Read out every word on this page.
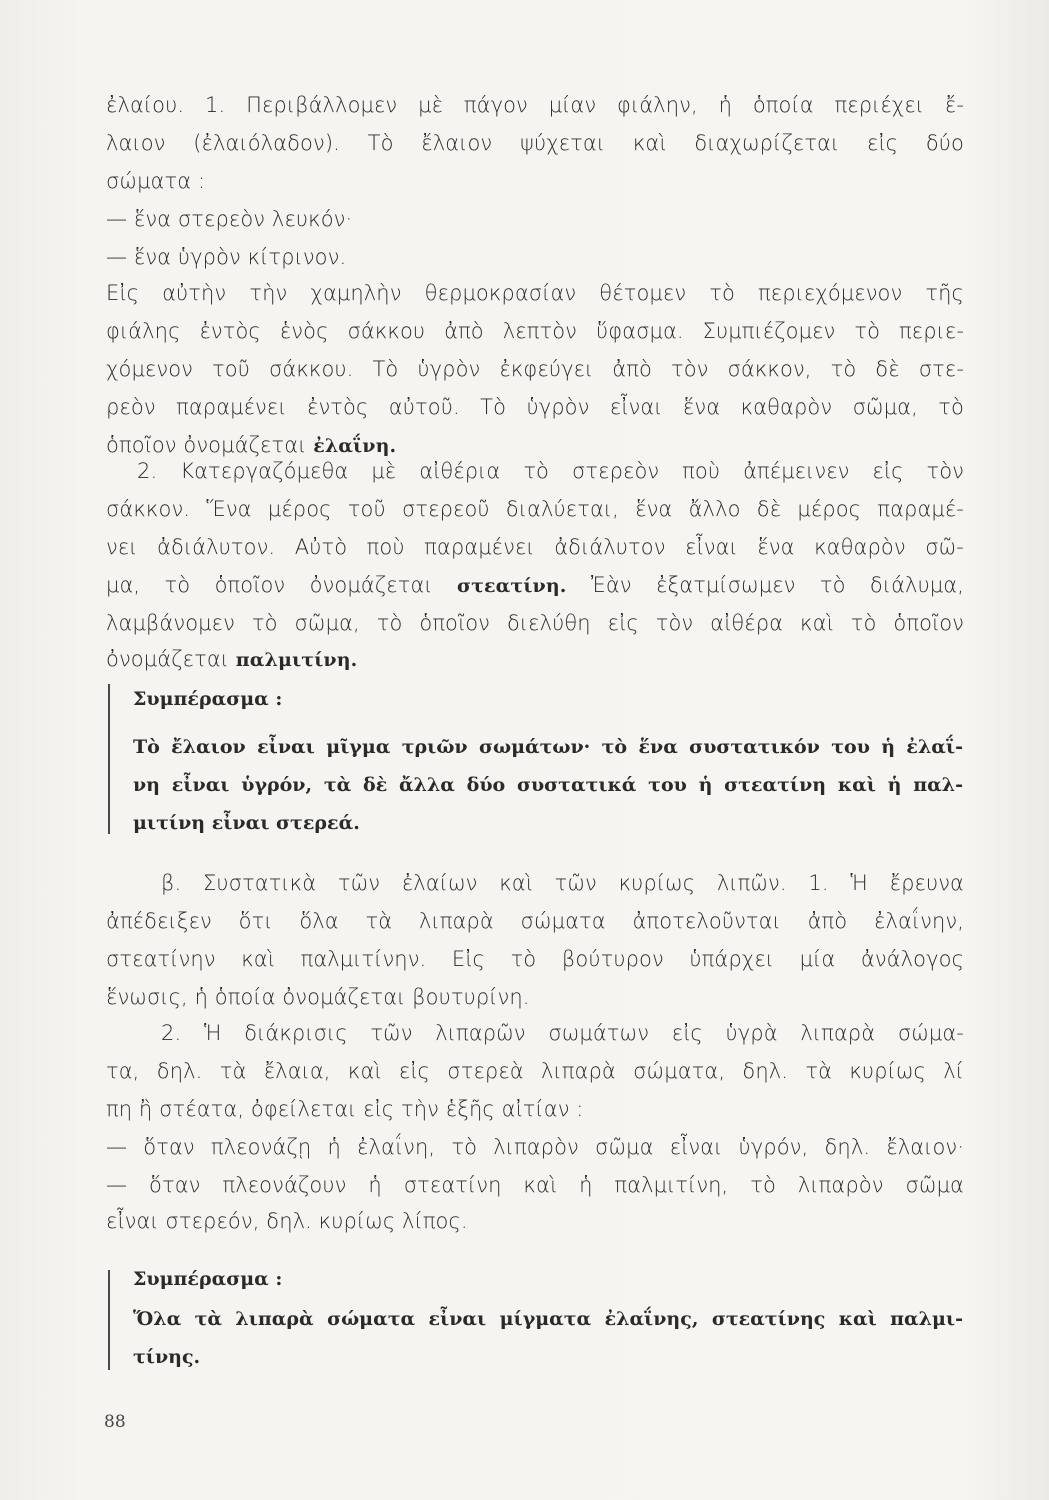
ἐλαίου. 1. Περιβάλλομεν μὲ πάγον μίαν φιάλην, ἡ ὁποία περιέχει ἔ-
λαιον (ἐλαιόλαδον). Τὸ ἔλαιον ψύχεται καὶ διαχωρίζεται εἰς δύο
σώματα :
— ἕνα στερεὸν λευκόν·
— ἕνα ὑγρὸν κίτρινον.
Εἰς αὐτὴν τὴν χαμηλὴν θερμοκρασίαν θέτομεν τὸ περιεχόμενον τῆς
φιάλης ἐντὸς ἑνὸς σάκκου ἀπὸ λεπτὸν ὕφασμα. Συμπιέζομεν τὸ περιε-
χόμενον τοῦ σάκκου. Τὸ ὑγρὸν ἐκφεύγει ἀπὸ τὸν σάκκον, τὸ δὲ στε-
ρεὸν παραμένει ἐντὸς αὐτοῦ. Τὸ ὑγρὸν εἶναι ἕνα καθαρὸν σῶμα, τὸ
ὁποῖον ὀνομάζεται ἐλαΐνη.
2. Κατεργαζόμεθα μὲ αἰθέρια τὸ στερεὸν ποὺ ἀπέμεινεν εἰς τὸν
σάκκον. Ἕνα μέρος τοῦ στερεοῦ διαλύεται, ἕνα ἄλλο δὲ μέρος παραμέ-
νει ἀδιάλυτον. Αὐτὸ ποὺ παραμένει ἀδιάλυτον εἶναι ἕνα καθαρὸν σῶ-
μα, τὸ ὁποῖον ὀνομάζεται στεατίνη. Ἐὰν ἐξατμίσωμεν τὸ διάλυμα,
λαμβάνομεν τὸ σῶμα, τὸ ὁποῖον διελύθη εἰς τὸν αἰθέρα καὶ τὸ ὁποῖον
ὀνομάζεται παλμιτίνη.
Συμπέρασμα :
Τὸ ἔλαιον εἶναι μῖγμα τριῶν σωμάτων· τὸ ἕνα συστατικόν του ἡ ἐλαΐ-
νη εἶναι ὑγρόν, τὰ δὲ ἄλλα δύο συστατικά του ἡ στεατίνη καὶ ἡ παλ-
μιτίνη εἶναι στερεά.
β. Συστατικὰ τῶν ἐλαίων καὶ τῶν κυρίως λιπῶν. 1. Ἡ ἔρευνα
ἀπέδειξεν ὅτι ὅλα τὰ λιπαρὰ σώματα ἀποτελοῦνται ἀπὸ ἐλαΐνην,
στεατίνην καὶ παλμιτίνην. Εἰς τὸ βούτυρον ὑπάρχει μία ἀνάλογος
ἕνωσις, ἡ ὁποία ὀνομάζεται βουτυρίνη.
2. Ἡ διάκρισις τῶν λιπαρῶν σωμάτων εἰς ὑγρὰ λιπαρὰ σώμα-
τα, δηλ. τὰ ἔλαια, καὶ εἰς στερεὰ λιπαρὰ σώματα, δηλ. τὰ κυρίως λί
πη ἢ στέατα, ὀφείλεται εἰς τὴν ἑξῆς αἰτίαν :
— ὅταν πλεονάζῃ ἡ ἐλαΐνη, τὸ λιπαρὸν σῶμα εἶναι ὑγρόν, δηλ. ἔλαιον·
— ὅταν πλεονάζουν ἡ στεατίνη καὶ ἡ παλμιτίνη, τὸ λιπαρὸν σῶμα
εἶναι στερεόν, δηλ. κυρίως λίπος.
Συμπέρασμα :
Ὅλα τὰ λιπαρὰ σώματα εἶναι μίγματα ἐλαΐνης, στεατίνης καὶ παλμι-
τίνης.
88
